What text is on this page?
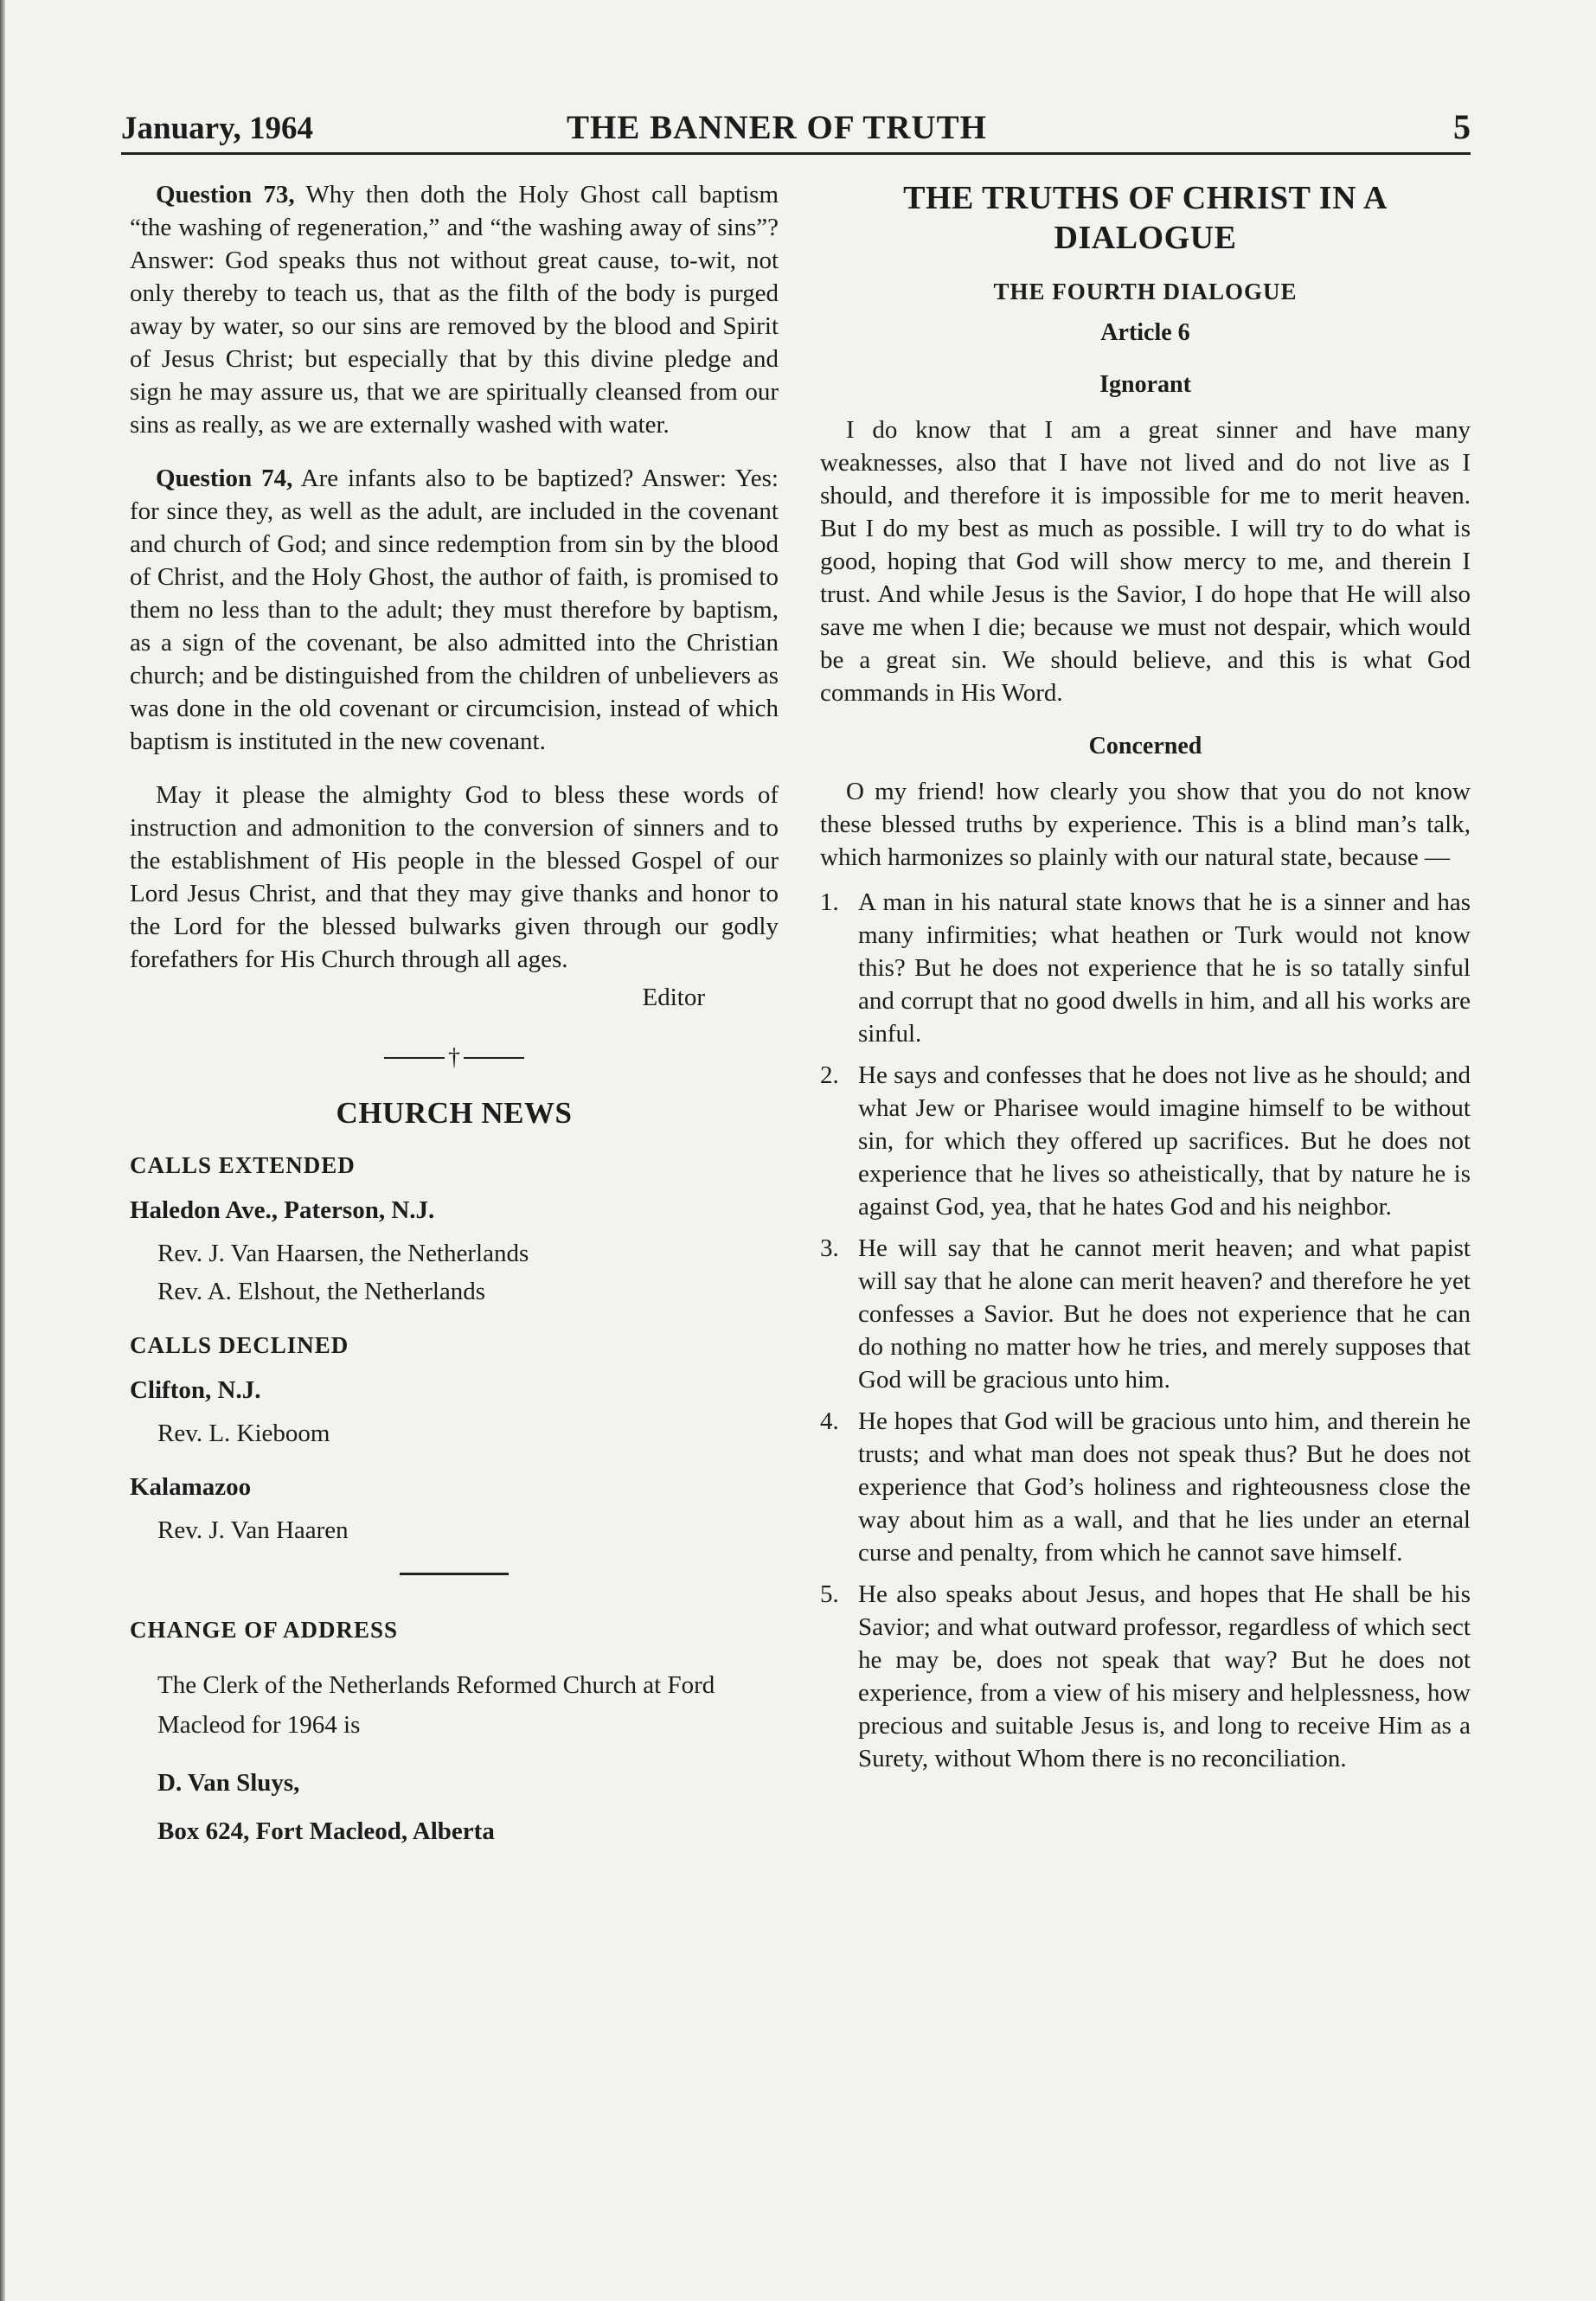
January, 1964	THE BANNER OF TRUTH	5

Question 73, Why then doth the Holy Ghost call baptism “the washing of regeneration,” and “the washing away of sins”? Answer: God speaks thus not without great cause, to-wit, not only thereby to teach us, that as the filth of the body is purged away by water, so our sins are removed by the blood and Spirit of Jesus Christ; but especially that by this divine pledge and sign he may assure us, that we are spiritually cleansed from our sins as really, as we are externally washed with water.

Question 74, Are infants also to be baptized? Answer: Yes: for since they, as well as the adult, are included in the covenant and church of God; and since redemption from sin by the blood of Christ, and the Holy Ghost, the author of faith, is promised to them no less than to the adult; they must therefore by baptism, as a sign of the covenant, be also admitted into the Christian church; and be distinguished from the children of unbelievers as was done in the old covenant or circumcision, instead of which baptism is instituted in the new covenant.

May it please the almighty God to bless these words of instruction and admonition to the conversion of sinners and to the establishment of His people in the blessed Gospel of our Lord Jesus Christ, and that they may give thanks and honor to the Lord for the blessed bulwarks given through our godly forefathers for His Church through all ages.

Editor
†
CHURCH NEWS
CALLS EXTENDED
Haledon Ave., Paterson, N.J.
Rev. J. Van Haarsen, the Netherlands
Rev. A. Elshout, the Netherlands
CALLS DECLINED
Clifton, N.J.
Rev. L. Kieboom
Kalamazoo
Rev. J. Van Haaren
CHANGE OF ADDRESS
The Clerk of the Netherlands Reformed Church at Ford Macleod for 1964 is
D. Van Sluys,
Box 624, Fort Macleod, Alberta
THE TRUTHS OF CHRIST IN A DIALOGUE
THE FOURTH DIALOGUE
Article 6
Ignorant

I do know that I am a great sinner and have many weaknesses, also that I have not lived and do not live as I should, and therefore it is impossible for me to merit heaven. But I do my best as much as possible. I will try to do what is good, hoping that God will show mercy to me, and therein I trust. And while Jesus is the Savior, I do hope that He will also save me when I die; because we must not despair, which would be a great sin. We should believe, and this is what God commands in His Word.

Concerned

O my friend! how clearly you show that you do not know these blessed truths by experience. This is a blind man’s talk, which harmonizes so plainly with our natural state, because —

1. A man in his natural state knows that he is a sinner and has many infirmities; what heathen or Turk would not know this? But he does not experience that he is so tatally sinful and corrupt that no good dwells in him, and all his works are sinful.
2. He says and confesses that he does not live as he should; and what Jew or Pharisee would imagine himself to be without sin, for which they offered up sacrifices. But he does not experience that he lives so atheistically, that by nature he is against God, yea, that he hates God and his neighbor.
3. He will say that he cannot merit heaven; and what papist will say that he alone can merit heaven? and therefore he yet confesses a Savior. But he does not experience that he can do nothing no matter how he tries, and merely supposes that God will be gracious unto him.
4. He hopes that God will be gracious unto him, and therein he trusts; and what man does not speak thus? But he does not experience that God’s holiness and righteousness close the way about him as a wall, and that he lies under an eternal curse and penalty, from which he cannot save himself.
5. He also speaks about Jesus, and hopes that He shall be his Savior; and what outward professor, regardless of which sect he may be, does not speak that way? But he does not experience, from a view of his misery and helplessness, how precious and suitable Jesus is, and long to receive Him as a Surety, without Whom there is no reconciliation.
